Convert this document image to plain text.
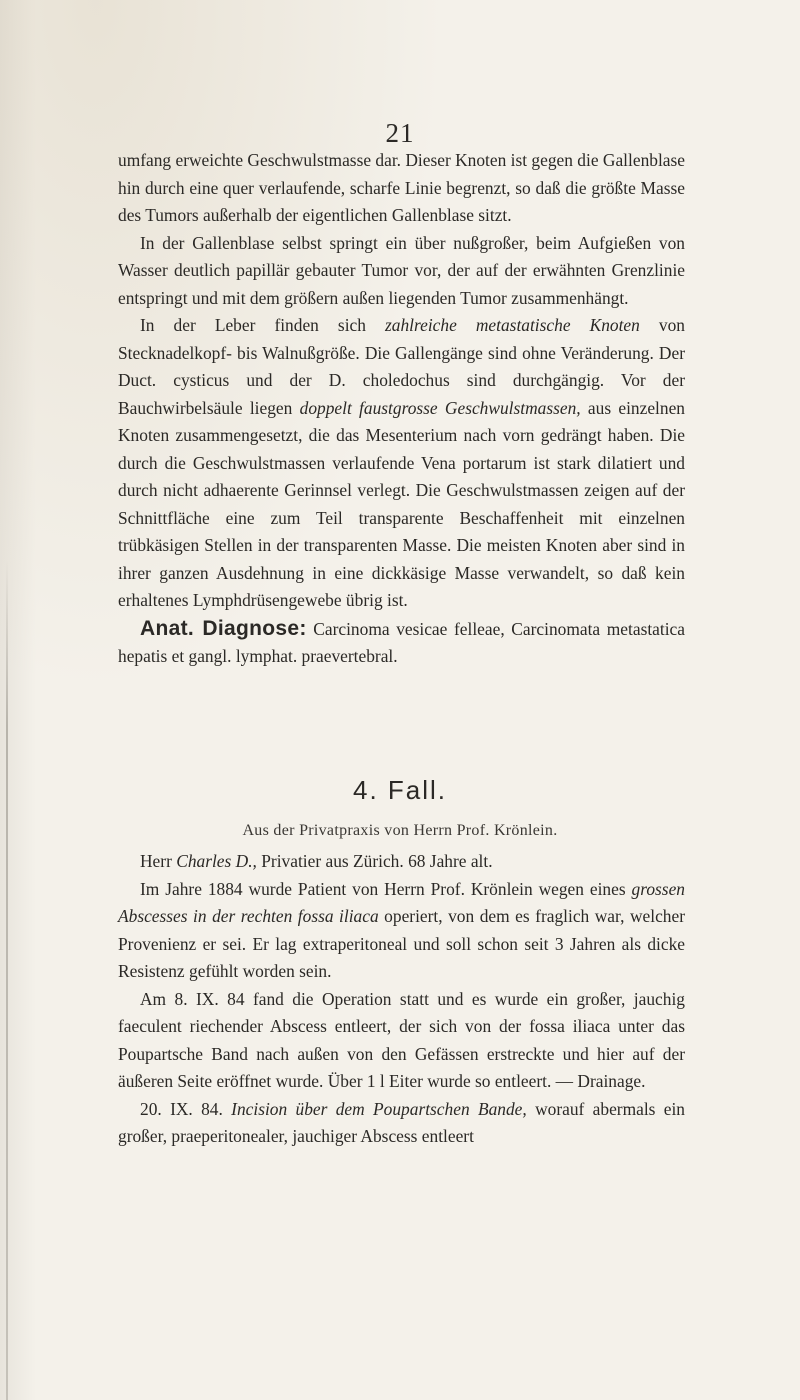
21

umfang erweichte Geschwulstmasse dar. Dieser Knoten ist gegen die Gallenblase hin durch eine quer verlaufende, scharfe Linie begrenzt, so daß die größte Masse des Tumors außerhalb der eigentlichen Gallenblase sitzt.

In der Gallenblase selbst springt ein über nußgroßer, beim Aufgießen von Wasser deutlich papillär gebauter Tumor vor, der auf der erwähnten Grenzlinie entspringt und mit dem größern außen liegenden Tumor zusammenhängt.

In der Leber finden sich zahlreiche metastatische Knoten von Stecknadelkopf- bis Walnußgröße. Die Gallengänge sind ohne Veränderung. Der Duct. cysticus und der D. choledochus sind durchgängig. Vor der Bauchwirbelsäule liegen doppelt faustgrosse Geschwulstmassen, aus einzelnen Knoten zusammengesetzt, die das Mesenterium nach vorn gedrängt haben. Die durch die Geschwulstmassen verlaufende Vena portarum ist stark dilatiert und durch nicht adhaerente Gerinnsel verlegt. Die Geschwulstmassen zeigen auf der Schnittfläche eine zum Teil transparente Beschaffenheit mit einzelnen trübkäsigen Stellen in der transparenten Masse. Die meisten Knoten aber sind in ihrer ganzen Ausdehnung in eine dickkäsige Masse verwandelt, so daß kein erhaltenes Lymphdrüsengewebe übrig ist.

Anat. Diagnose: Carcinoma vesicae felleae, Carcinomata metastatica hepatis et gangl. lymphat. praevertebral.

4. Fall.
Aus der Privatpraxis von Herrn Prof. Krönlein.

Herr Charles D., Privatier aus Zürich. 68 Jahre alt.

Im Jahre 1884 wurde Patient von Herrn Prof. Krönlein wegen eines grossen Abscesses in der rechten fossa iliaca operiert, von dem es fraglich war, welcher Provenienz er sei. Er lag extraperitoneal und soll schon seit 3 Jahren als dicke Resistenz gefühlt worden sein.

Am 8. IX. 84 fand die Operation statt und es wurde ein großer, jauchig faeculent riechender Abscess entleert, der sich von der fossa iliaca unter das Poupartsche Band nach außen von den Gefässen erstreckte und hier auf der äußeren Seite eröffnet wurde. Über 1 l Eiter wurde so entleert. — Drainage.

20. IX. 84. Incision über dem Poupartschen Bande, worauf abermals ein großer, praeperitonealer, jauchiger Abscess entleert
